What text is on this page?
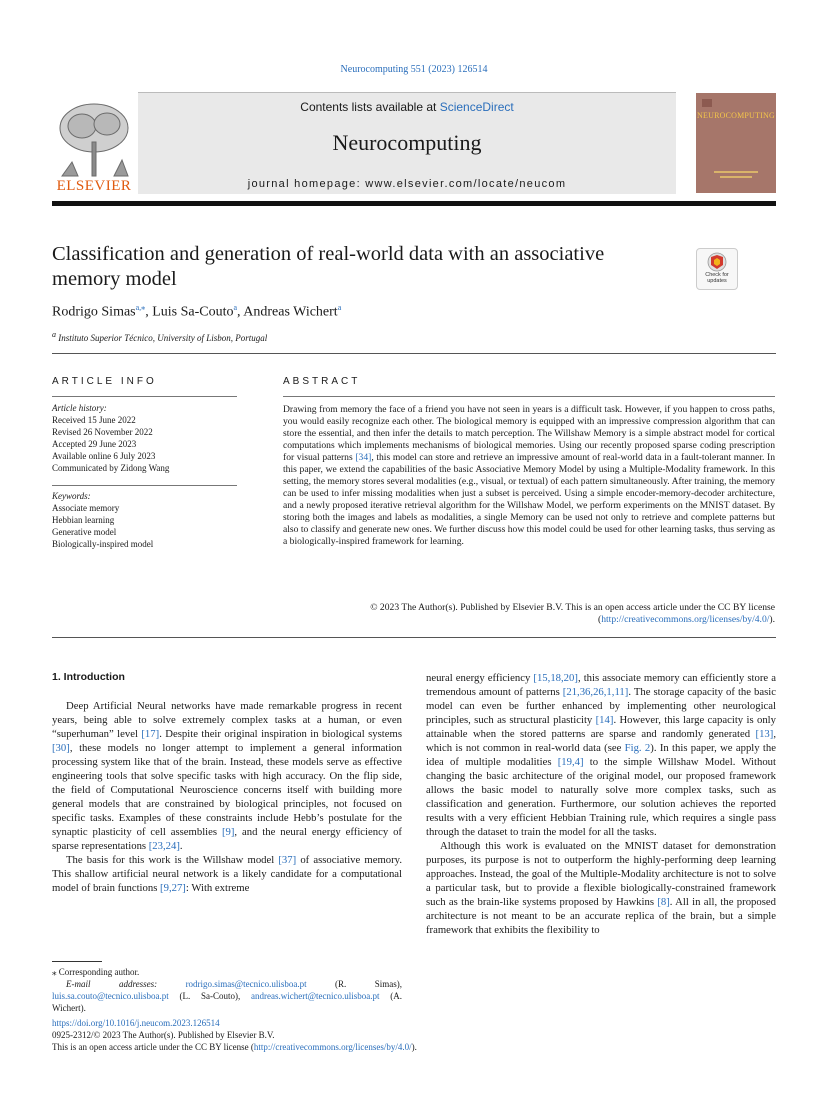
Neurocomputing 551 (2023) 126514
ELSEVIER
Contents lists available at ScienceDirect
Neurocomputing
journal homepage: www.elsevier.com/locate/neucom
NEUROCOMPUTING
Classification and generation of real-world data with an associative memory model	Check for updates
Rodrigo Simas$^{a,⁎}$, Luis Sa-Couto$^a$, Andreas Wichert$^a$
$^a$ Instituto Superior Técnico, University of Lisbon, Portugal
ARTICLE INFO
Article history:
Received 15 June 2022
Revised 26 November 2022
Accepted 29 June 2023
Available online 6 July 2023
Communicated by Zidong Wang
Keywords:
Associate memory
Hebbian learning
Generative model
Biologically-inspired model
ABSTRACT
Drawing from memory the face of a friend you have not seen in years is a difficult task. However, if you happen to cross paths, you would easily recognize each other. The biological memory is equipped with an impressive compression algorithm that can store the essential, and then infer the details to match perception. The Willshaw Memory is a simple abstract model for cortical computations which implements mechanisms of biological memories. Using our recently proposed sparse coding prescription for visual patterns [34], this model can store and retrieve an impressive amount of real-world data in a fault-tolerant manner. In this paper, we extend the capabilities of the basic Associative Memory Model by using a Multiple-Modality framework. In this setting, the memory stores several modalities (e.g., visual, or textual) of each pattern simultaneously. After training, the memory can be used to infer missing modalities when just a subset is perceived. Using a simple encoder-memory-decoder architecture, and a newly proposed iterative retrieval algorithm for the Willshaw Model, we perform experiments on the MNIST dataset. By storing both the images and labels as modalities, a single Memory can be used not only to retrieve and complete patterns but also to classify and generate new ones. We further discuss how this model could be used for other learning tasks, thus serving as a biologically-inspired framework for learning.
© 2023 The Author(s). Published by Elsevier B.V. This is an open access article under the CC BY license
(http://creativecommons.org/licenses/by/4.0/).
1. Introduction

Deep Artificial Neural networks have made remarkable progress in recent years, being able to solve extremely complex tasks at a human, or even “superhuman” level [17]. Despite their original inspiration in biological systems [30], these models no longer attempt to implement a general information processing system like that of the brain. Instead, these models serve as effective engineering tools that solve specific tasks with high accuracy. On the flip side, the field of Computational Neuroscience concerns itself with building more general models that are constrained by biological principles, not focused on specific tasks. Examples of these constraints include Hebb’s postulate for the synaptic plasticity of cell assemblies [9], and the neural energy efficiency of sparse representations [23,24].

The basis for this work is the Willshaw model [37] of associative memory. This shallow artificial neural network is a likely candidate for a computational model of brain functions [9,27]: With extreme

neural energy efficiency [15,18,20], this associate memory can efficiently store a tremendous amount of patterns [21,36,26,1,11]. The storage capacity of the basic model can even be further enhanced by implementing other neurological principles, such as structural plasticity [14]. However, this large capacity is only attainable when the stored patterns are sparse and randomly generated [13], which is not common in real-world data (see Fig. 2). In this paper, we apply the idea of multiple modalities [19,4] to the simple Willshaw Model. Without changing the basic architecture of the original model, our proposed framework allows the basic model to naturally solve more complex tasks, such as classification and generation. Furthermore, our solution achieves the reported results with a very efficient Hebbian Training rule, which requires a single pass through the dataset to train the model for all the tasks.

Although this work is evaluated on the MNIST dataset for demonstration purposes, its purpose is not to outperform the highly-performing deep learning approaches. Instead, the goal of the Multiple-Modality architecture is not to solve a particular task, but to provide a flexible biologically-constrained framework such as the brain-like systems proposed by Hawkins [8]. All in all, the proposed architecture is not meant to be an accurate replica of the brain, but a simple framework that exhibits the flexibility to

⁎ Corresponding author.
E-mail addresses: rodrigo.simas@tecnico.ulisboa.pt (R. Simas), luis.sa.couto@tecnico.ulisboa.pt (L. Sa-Couto), andreas.wichert@tecnico.ulisboa.pt (A. Wichert).
https://doi.org/10.1016/j.neucom.2023.126514
0925-2312/© 2023 The Author(s). Published by Elsevier B.V.
This is an open access article under the CC BY license (http://creativecommons.org/licenses/by/4.0/).
